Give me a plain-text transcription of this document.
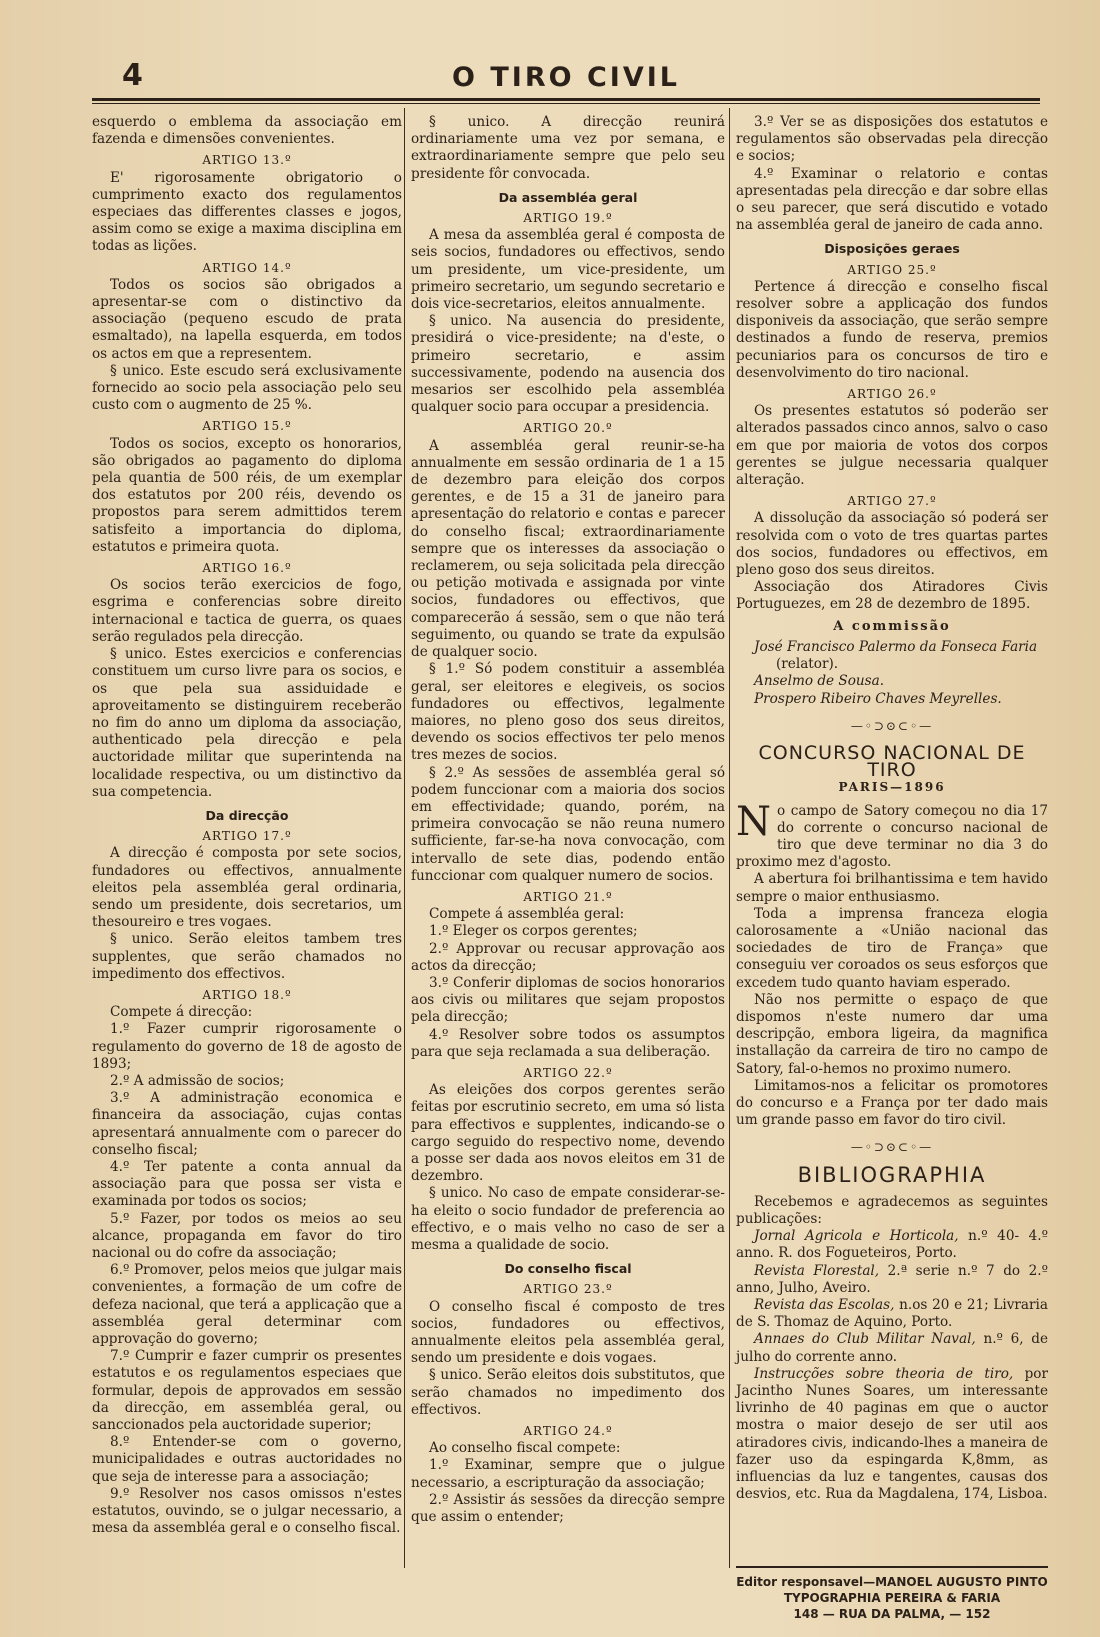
4	O TIRO CIVIL

esquerdo o emblema da associação em fazenda e dimensões convenientes.

ARTIGO 13.º

E' rigorosamente obrigatorio o cumprimento exacto dos regulamentos especiaes das differentes classes e jogos, assim como se exige a maxima disciplina em todas as lições.

ARTIGO 14.º

Todos os socios são obrigados a apresentar-se com o distinctivo da associação (pequeno escudo de prata esmaltado), na lapella esquerda, em todos os actos em que a representem.

§ unico. Este escudo será exclusivamente fornecido ao socio pela associação pelo seu custo com o augmento de 25 %.

ARTIGO 15.º

Todos os socios, excepto os honorarios, são obrigados ao pagamento do diploma pela quantia de 500 réis, de um exemplar dos estatutos por 200 réis, devendo os propostos para serem admittidos terem satisfeito a importancia do diploma, estatutos e primeira quota.

ARTIGO 16.º

Os socios terão exercicios de fogo, esgrima e conferencias sobre direito internacional e tactica de guerra, os quaes serão regulados pela direcção.

§ unico. Estes exercicios e conferencias constituem um curso livre para os socios, e os que pela sua assiduidade e aproveitamento se distinguirem receberão no fim do anno um diploma da associação, authenticado pela direcção e pela auctoridade militar que superintenda na localidade respectiva, ou um distinctivo da sua competencia.

Da direcção
ARTIGO 17.º

A direcção é composta por sete socios, fundadores ou effectivos, annualmente eleitos pela assembléa geral ordinaria, sendo um presidente, dois secretarios, um thesoureiro e tres vogaes.

§ unico. Serão eleitos tambem tres supplentes, que serão chamados no impedimento dos effectivos.

ARTIGO 18.º

Compete á direcção:

1.º Fazer cumprir rigorosamente o regulamento do governo de 18 de agosto de 1893;

2.º A admissão de socios;

3.º A administração economica e financeira da associação, cujas contas apresentará annualmente com o parecer do conselho fiscal;

4.º Ter patente a conta annual da associação para que possa ser vista e examinada por todos os socios;

5.º Fazer, por todos os meios ao seu alcance, propaganda em favor do tiro nacional ou do cofre da associação;

6.º Promover, pelos meios que julgar mais convenientes, a formação de um cofre de defeza nacional, que terá a applicação que a assembléa geral determinar com approvação do governo;

7.º Cumprir e fazer cumprir os presentes estatutos e os regulamentos especiaes que formular, depois de approvados em sessão da direcção, em assembléa geral, ou sanccionados pela auctoridade superior;

8.º Entender-se com o governo, municipalidades e outras auctoridades no que seja de interesse para a associação;

9.º Resolver nos casos omissos n'estes estatutos, ouvindo, se o julgar necessario, a mesa da assembléa geral e o conselho fiscal.

§ unico. A direcção reunirá ordinariamente uma vez por semana, e extraordinariamente sempre que pelo seu presidente fôr convocada.

Da assembléa geral
ARTIGO 19.º

A mesa da assembléa geral é composta de seis socios, fundadores ou effectivos, sendo um presidente, um vice-presidente, um primeiro secretario, um segundo secretario e dois vice-secretarios, eleitos annualmente.

§ unico. Na ausencia do presidente, presidirá o vice-presidente; na d'este, o primeiro secretario, e assim successivamente, podendo na ausencia dos mesarios ser escolhido pela assembléa qualquer socio para occupar a presidencia.

ARTIGO 20.º

A assembléa geral reunir-se-ha annualmente em sessão ordinaria de 1 a 15 de dezembro para eleição dos corpos gerentes, e de 15 a 31 de janeiro para apresentação do relatorio e contas e parecer do conselho fiscal; extraordinariamente sempre que os interesses da associação o reclamerem, ou seja solicitada pela direcção ou petição motivada e assignada por vinte socios, fundadores ou effectivos, que comparecerão á sessão, sem o que não terá seguimento, ou quando se trate da expulsão de qualquer socio.

§ 1.º Só podem constituir a assembléa geral, ser eleitores e elegiveis, os socios fundadores ou effectivos, legalmente maiores, no pleno goso dos seus direitos, devendo os socios effectivos ter pelo menos tres mezes de socios.

§ 2.º As sessões de assembléa geral só podem funccionar com a maioria dos socios em effectividade; quando, porém, na primeira convocação se não reuna numero sufficiente, far-se-ha nova convocação, com intervallo de sete dias, podendo então funccionar com qualquer numero de socios.

ARTIGO 21.º

Compete á assembléa geral:

1.º Eleger os corpos gerentes;

2.º Approvar ou recusar approvação aos actos da direcção;

3.º Conferir diplomas de socios honorarios aos civis ou militares que sejam propostos pela direcção;

4.º Resolver sobre todos os assumptos para que seja reclamada a sua deliberação.

ARTIGO 22.º

As eleições dos corpos gerentes serão feitas por escrutinio secreto, em uma só lista para effectivos e supplentes, indicando-se o cargo seguido do respectivo nome, devendo a posse ser dada aos novos eleitos em 31 de dezembro.

§ unico. No caso de empate considerar-se-ha eleito o socio fundador de preferencia ao effectivo, e o mais velho no caso de ser a mesma a qualidade de socio.

Do conselho fiscal
ARTIGO 23.º

O conselho fiscal é composto de tres socios, fundadores ou effectivos, annualmente eleitos pela assembléa geral, sendo um presidente e dois vogaes.

§ unico. Serão eleitos dois substitutos, que serão chamados no impedimento dos effectivos.

ARTIGO 24.º

Ao conselho fiscal compete:

1.º Examinar, sempre que o julgue necessario, a escripturação da associação;

2.º Assistir ás sessões da direcção sempre que assim o entender;

3.º Ver se as disposições dos estatutos e regulamentos são observadas pela direcção e socios;

4.º Examinar o relatorio e contas apresentadas pela direcção e dar sobre ellas o seu parecer, que será discutido e votado na assembléa geral de janeiro de cada anno.

Disposições geraes
ARTIGO 25.º

Pertence á direcção e conselho fiscal resolver sobre a applicação dos fundos disponiveis da associação, que serão sempre destinados a fundo de reserva, premios pecuniarios para os concursos de tiro e desenvolvimento do tiro nacional.

ARTIGO 26.º

Os presentes estatutos só poderão ser alterados passados cinco annos, salvo o caso em que por maioria de votos dos corpos gerentes se julgue necessaria qualquer alteração.

ARTIGO 27.º

A dissolução da associação só poderá ser resolvida com o voto de tres quartas partes dos socios, fundadores ou effectivos, em pleno goso dos seus direitos.

Associação dos Atiradores Civis Portuguezes, em 28 de dezembro de 1895.

A commissão

José Francisco Palermo da Fonseca Faria

(relator).

Anselmo de Sousa.

Prospero Ribeiro Chaves Meyrelles.

—◦⊃⊙⊂◦—
CONCURSO NACIONAL DE TIRO
PARIS—1896

No campo de Satory começou no dia 17 do corrente o concurso nacional de tiro que deve terminar no dia 3 do proximo mez d'agosto.

A abertura foi brilhantissima e tem havido sempre o maior enthusiasmo.

Toda a imprensa franceza elogia calorosamente a «União nacional das sociedades de tiro de França» que conseguiu ver coroados os seus esforços que excedem tudo quanto haviam esperado.

Não nos permitte o espaço de que dispomos n'este numero dar uma descripção, embora ligeira, da magnifica installação da carreira de tiro no campo de Satory, fal-o-hemos no proximo numero.

Limitamos-nos a felicitar os promotores do concurso e a França por ter dado mais um grande passo em favor do tiro civil.

—◦⊃⊙⊂◦—
BIBLIOGRAPHIA

Recebemos e agradecemos as seguintes publicações:

Jornal Agricola e Horticola, n.º 40- 4.º anno. R. dos Fogueteiros, Porto.

Revista Florestal, 2.ª serie n.º 7 do 2.º anno, Julho, Aveiro.

Revista das Escolas, n.os 20 e 21; Livraria de S. Thomaz de Aquino, Porto.

Annaes do Club Militar Naval, n.º 6, de julho do corrente anno.

Instrucções sobre theoria de tiro, por Jacintho Nunes Soares, um interessante livrinho de 40 paginas em que o auctor mostra o maior desejo de ser util aos atiradores civis, indicando-lhes a maneira de fazer uso da espingarda K,8mm, as influencias da luz e tangentes, causas dos desvios, etc. Rua da Magdalena, 174, Lisboa.

Editor responsavel—MANOEL AUGUSTO PINTO
TYPOGRAPHIA PEREIRA & FARIA
148 — RUA DA PALMA, — 152
